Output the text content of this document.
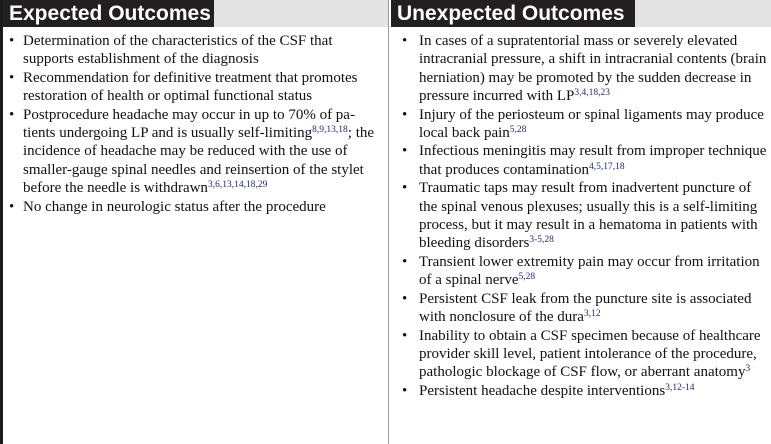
Expected Outcomes
• Determination of the characteristics of the CSF thatsupports establishment of the diagnosis
• Recommendation for definitive treatment that promotesrestoration of health or optimal functional status
• Postprocedure headache may occur in up to 70% of pa-tients undergoing LP and is usually self-limiting$^{8,9,13,18}$; the incidence of headache may be reduced with the use of smaller-gauge spinal needles and reinsertion of the stylet before the needle is withdrawn$^{3,6,13,14,18,29}$
• No change in neurologic status after the procedure
Unexpected Outcomes
• In cases of a supratentorial mass or severely elevatedintracranial pressure, a shift in intracranial contents (brain herniation) may be promoted by the sudden decrease in pressure incurred with LP$^{3,4,18,23}$
• Injury of the periosteum or spinal ligaments may produce local back pain$^{5,28}$
• Infectious meningitis may result from improper technique that produces contamination$^{4,5,17,18}$
• Traumatic taps may result from inadvertent puncture ofthe spinal venous plexuses; usually this is a self-limitingprocess, but it may result in a hematoma in patients with bleeding disorders$^{3-5,28}$
• Transient lower extremity pain may occur from irritation of a spinal nerve$^{5,28}$
• Persistent CSF leak from the puncture site is associatedwith nonclosure of the dura$^{3,12}$
• Inability to obtain a CSF specimen because of healthcare provider skill level, patient intolerance of the procedure, pathologic blockage of CSF flow, or aberrant anatomy$^3$
• Persistent headache despite interventions$^{3,12-14}$
